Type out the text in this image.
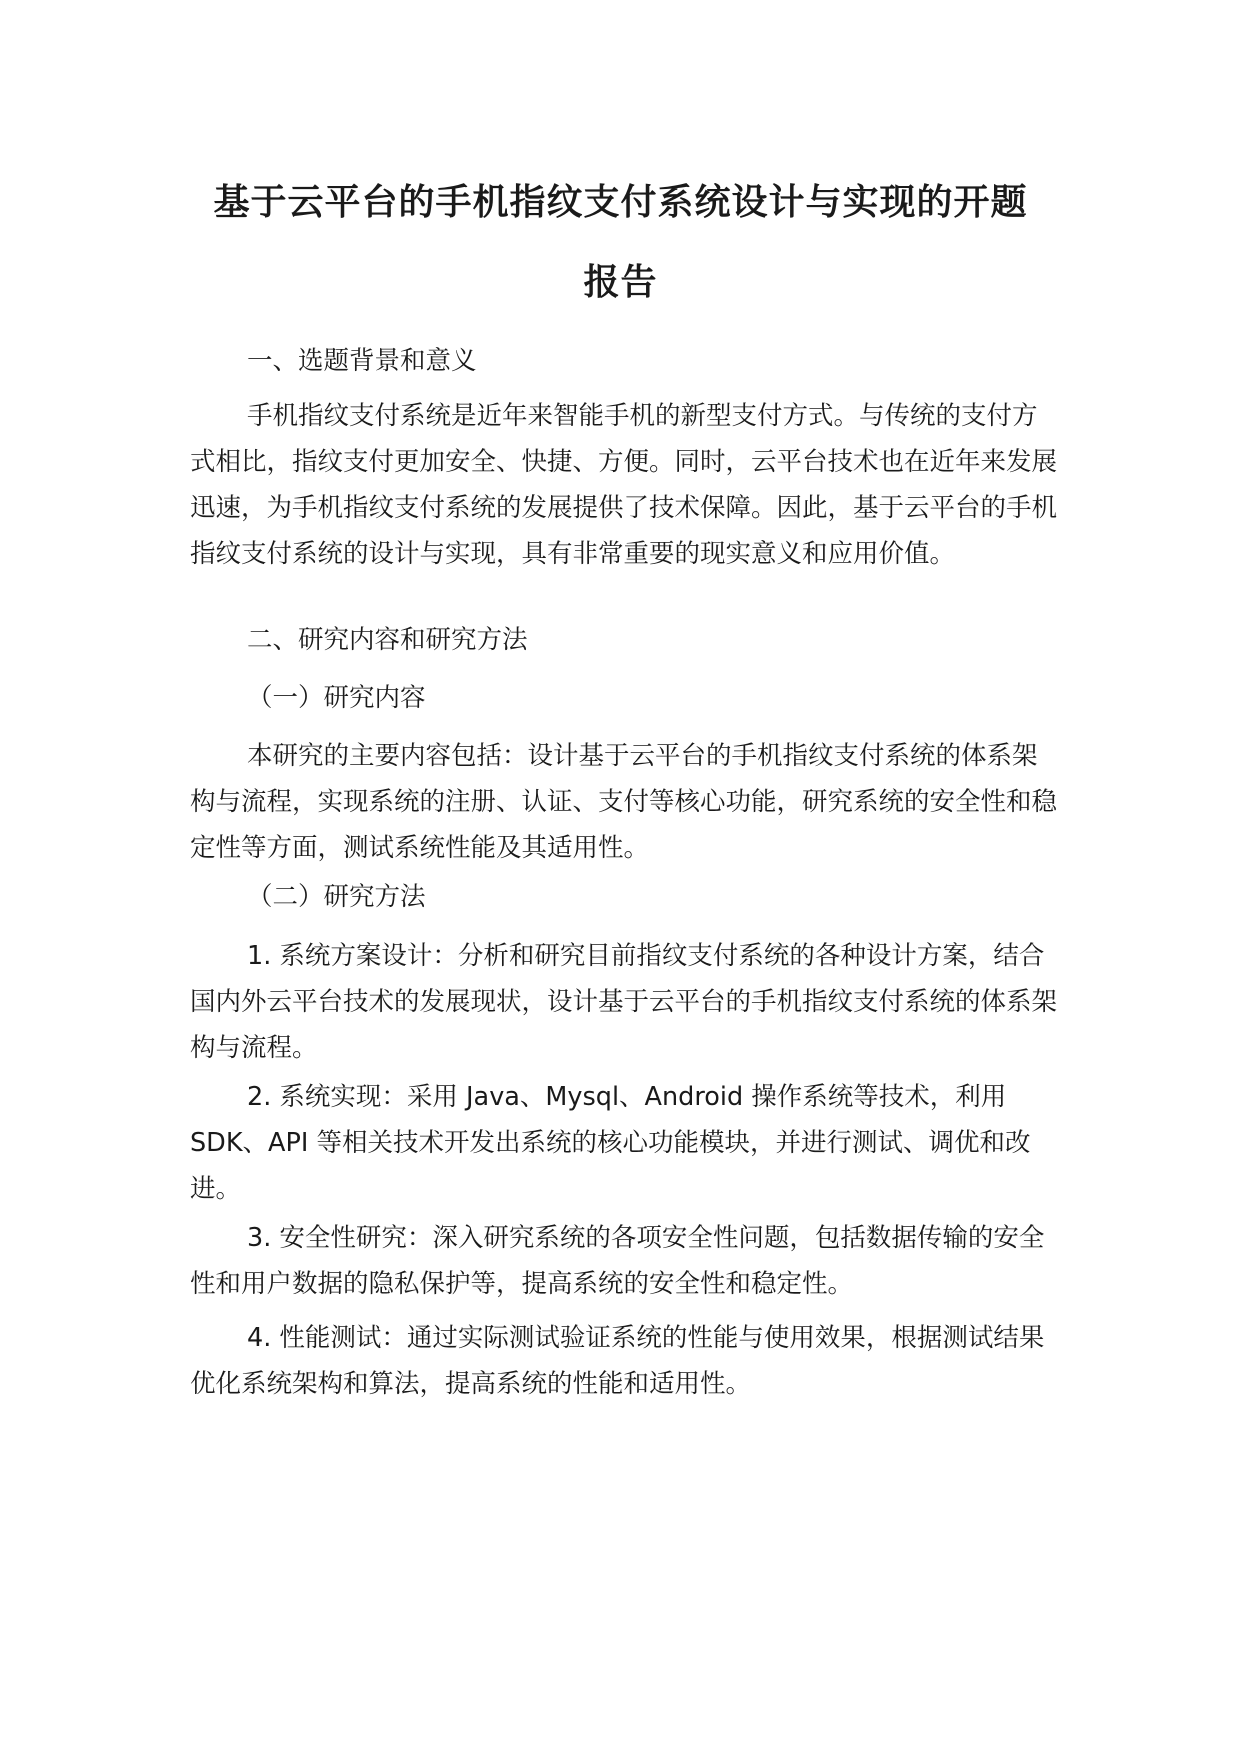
基于云平台的手机指纹支付系统设计与实现的开题
报告

一、选题背景和意义

手机指纹支付系统是近年来智能手机的新型支付方式。与传统的支付方式相比，指纹支付更加安全、快捷、方便。同时，云平台技术也在近年来发展迅速，为手机指纹支付系统的发展提供了技术保障。因此，基于云平台的手机指纹支付系统的设计与实现，具有非常重要的现实意义和应用价值。

二、研究内容和研究方法

（一）研究内容

本研究的主要内容包括：设计基于云平台的手机指纹支付系统的体系架构与流程，实现系统的注册、认证、支付等核心功能，研究系统的安全性和稳定性等方面，测试系统性能及其适用性。

（二）研究方法

1. 系统方案设计：分析和研究目前指纹支付系统的各种设计方案，结合国内外云平台技术的发展现状，设计基于云平台的手机指纹支付系统的体系架构与流程。

2. 系统实现：采用 Java、Mysql、Android 操作系统等技术，利用 SDK、API 等相关技术开发出系统的核心功能模块，并进行测试、调优和改进。

3. 安全性研究：深入研究系统的各项安全性问题，包括数据传输的安全性和用户数据的隐私保护等，提高系统的安全性和稳定性。

4. 性能测试：通过实际测试验证系统的性能与使用效果，根据测试结果优化系统架构和算法，提高系统的性能和适用性。
